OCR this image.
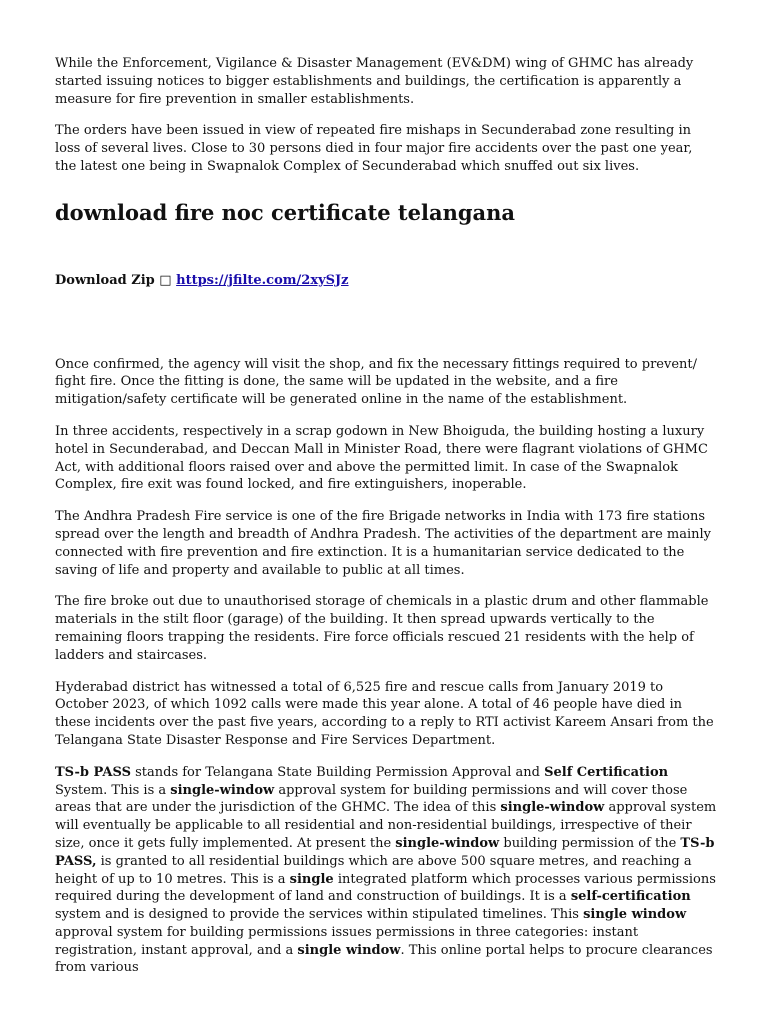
While the Enforcement, Vigilance & Disaster Management (EV&DM) wing of GHMC has already started issuing notices to bigger establishments and buildings, the certification is apparently a measure for fire prevention in smaller establishments.

The orders have been issued in view of repeated fire mishaps in Secunderabad zone resulting in loss of several lives. Close to 30 persons died in four major fire accidents over the past one year, the latest one being in Swapnalok Complex of Secunderabad which snuffed out six lives.

download fire noc certificate telangana
Download Zip □ https://jfilte.com/2xySJz

Once confirmed, the agency will visit the shop, and fix the necessary fittings required to prevent/ fight fire. Once the fitting is done, the same will be updated in the website, and a fire mitigation/safety certificate will be generated online in the name of the establishment.

In three accidents, respectively in a scrap godown in New Bhoiguda, the building hosting a luxury hotel in Secunderabad, and Deccan Mall in Minister Road, there were flagrant violations of GHMC Act, with additional floors raised over and above the permitted limit. In case of the Swapnalok Complex, fire exit was found locked, and fire extinguishers, inoperable.

The Andhra Pradesh Fire service is one of the fire Brigade networks in India with 173 fire stations spread over the length and breadth of Andhra Pradesh. The activities of the department are mainly connected with fire prevention and fire extinction. It is a humanitarian service dedicated to the saving of life and property and available to public at all times.

The fire broke out due to unauthorised storage of chemicals in a plastic drum and other flammable materials in the stilt floor (garage) of the building. It then spread upwards vertically to the remaining floors trapping the residents. Fire force officials rescued 21 residents with the help of ladders and staircases.

Hyderabad district has witnessed a total of 6,525 fire and rescue calls from January 2019 to October 2023, of which 1092 calls were made this year alone. A total of 46 people have died in these incidents over the past five years, according to a reply to RTI activist Kareem Ansari from the Telangana State Disaster Response and Fire Services Department.

TS-b PASS stands for Telangana State Building Permission Approval and Self Certification System. This is a single-window approval system for building permissions and will cover those areas that are under the jurisdiction of the GHMC. The idea of this single-window approval system will eventually be applicable to all residential and non-residential buildings, irrespective of their size, once it gets fully implemented. At present the single-window building permission of the TS-b PASS, is granted to all residential buildings which are above 500 square metres, and reaching a height of up to 10 metres. This is a single integrated platform which processes various permissions required during the development of land and construction of buildings. It is a self-certification system and is designed to provide the services within stipulated timelines. This single window approval system for building permissions issues permissions in three categories: instant registration, instant approval, and a single window. This online portal helps to procure clearances from various
